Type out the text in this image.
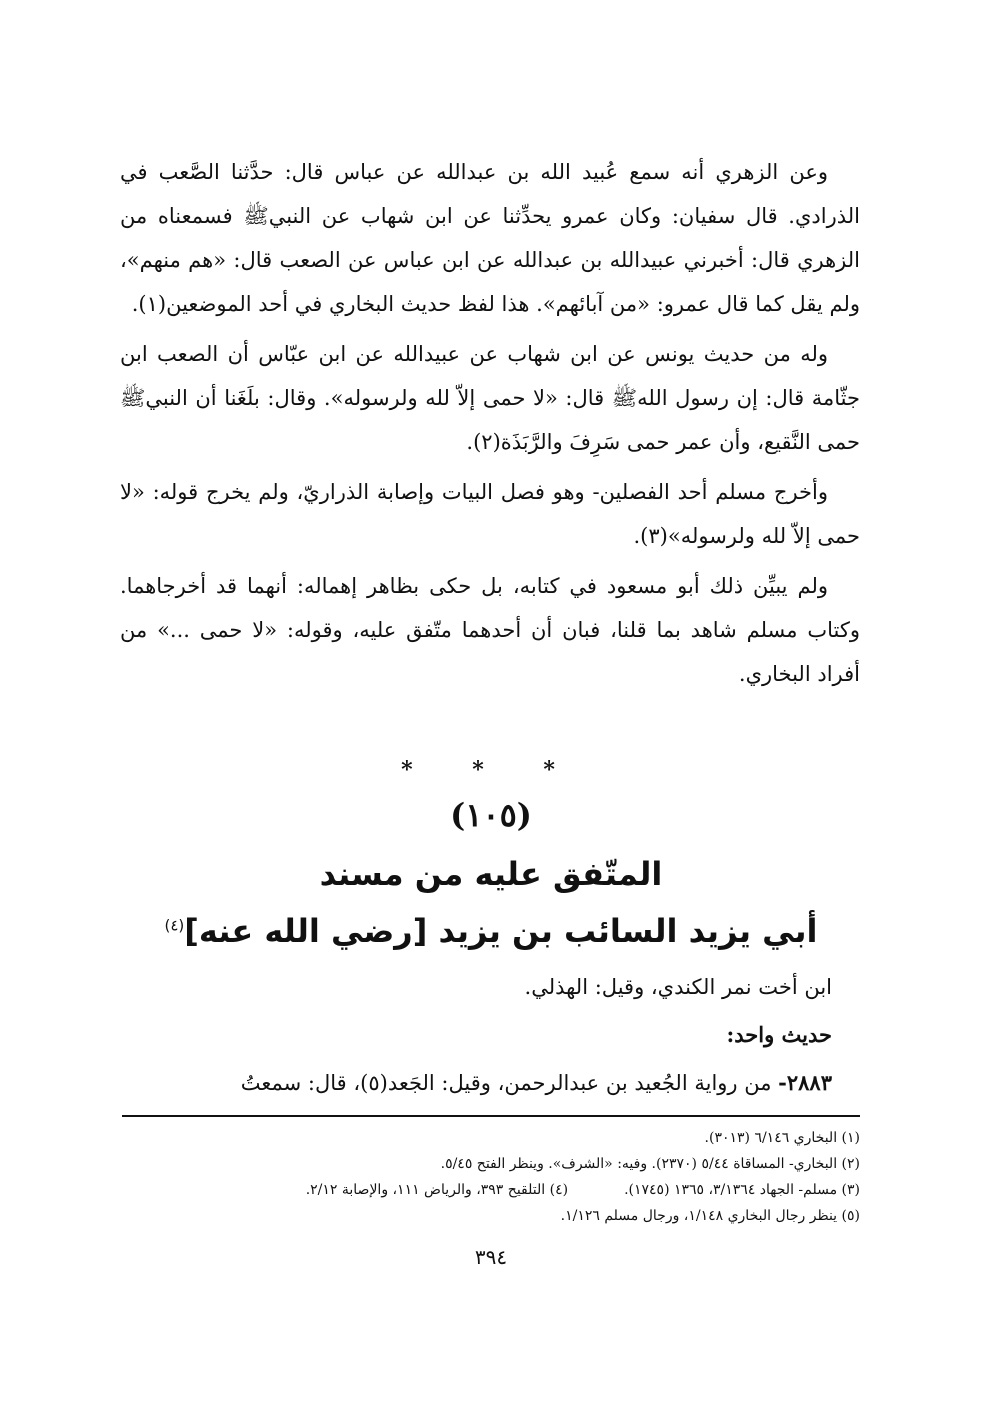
وعن الزهري أنه سمع عُبيد الله بن عبدالله عن عباس قال: حدَّثنا الصَّعب في الذرادي. قال سفيان: وكان عمرو يحدِّثنا عن ابن شهاب عن النبيﷺ فسمعناه من الزهري قال: أخبرني عبيدالله بن عبدالله عن ابن عباس عن الصعب قال: «هم منهم»، ولم يقل كما قال عمرو: «من آبائهم». هذا لفظ حديث البخاري في أحد الموضعين(١).

وله من حديث يونس عن ابن شهاب عن عبيدالله عن ابن عبّاس أن الصعب ابن جثّامة قال: إن رسول اللهﷺ قال: «لا حمى إلاّ لله ولرسوله». وقال: بلَغَنا أن النبيﷺ حمى النَّقيع، وأن عمر حمى سَرِفَ والرَّبَذَة(٢).

وأخرج مسلم أحد الفصلين- وهو فصل البيات وإصابة الذراريّ، ولم يخرج قوله: «لا حمى إلاّ لله ولرسوله»(٣).

ولم يبيِّن ذلك أبو مسعود في كتابه، بل حكى بظاهر إهماله: أنهما قد أخرجاهما. وكتاب مسلم شاهد بما قلنا، فبان أن أحدهما متّفق عليه، وقوله: «لا حمى ...» من أفراد البخاري.

* * *
(١٠٥)
المتّفق عليه من مسند
أبي يزيد السائب بن يزيد [رضي الله عنه]$^{(٤)}$
ابن أخت نمر الكندي، وقيل: الهذلي.
حديث واحد:
٢٨٨٣- من رواية الجُعيد بن عبدالرحمن، وقيل: الجَعد(٥)، قال: سمعتُ
(١) البخاري ٦/١٤٦ (٣٠١٣).
(٢) البخاري- المساقاة ٥/٤٤ (٢٣٧٠). وفيه: «الشرف». وينظر الفتح ٥/٤٥.
(٣) مسلم- الجهاد ٣/١٣٦٤، ١٣٦٥ (١٧٤٥).
(٤) التلقيح ٣٩٣، والرياض ١١١، والإصابة ٢/١٢.
(٥) ينظر رجال البخاري ١/١٤٨، ورجال مسلم ١/١٢٦.
٣٩٤
